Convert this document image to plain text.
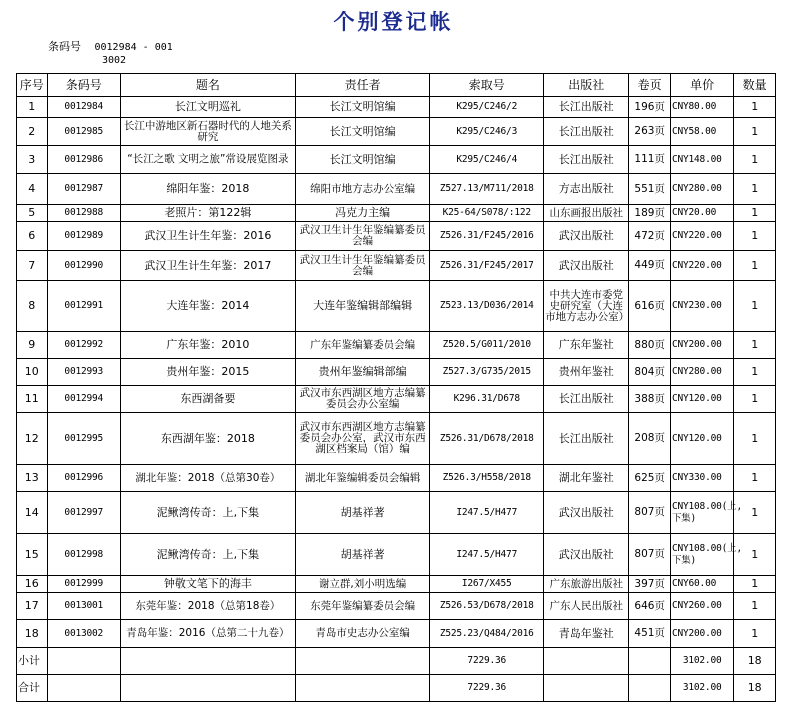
个别登记帐
条码号 0012984 - 001
3002
序号	条码号	题名	责任者	索取号	出版社	卷页	单价	数量
1	0012984	长江文明巡礼	长江文明馆编	K295/C246/2	长江出版社	196页	CNY80.00	1
2	0012985	长江中游地区新石器时代的人地关系研究	长江文明馆编	K295/C246/3	长江出版社	263页	CNY58.00	1
3	0012986	“长江之歌 文明之旅”常设展览图录	长江文明馆编	K295/C246/4	长江出版社	111页	CNY148.00	1
4	0012987	绵阳年鉴：2018	绵阳市地方志办公室编	Z527.13/M711/2018	方志出版社	551页	CNY280.00	1
5	0012988	老照片：第122辑	冯克力主编	K25-64/S078/:122	山东画报出版社	189页	CNY20.00	1
6	0012989	武汉卫生计生年鉴：2016	武汉卫生计生年鉴编纂委员会编	Z526.31/F245/2016	武汉出版社	472页	CNY220.00	1
7	0012990	武汉卫生计生年鉴：2017	武汉卫生计生年鉴编纂委员会编	Z526.31/F245/2017	武汉出版社	449页	CNY220.00	1
8	0012991	大连年鉴：2014	大连年鉴编辑部编辑	Z523.13/D036/2014	中共大连市委党史研究室（大连市地方志办公室）	616页	CNY230.00	1
9	0012992	广东年鉴：2010	广东年鉴编纂委员会编	Z520.5/G011/2010	广东年鉴社	880页	CNY200.00	1
10	0012993	贵州年鉴：2015	贵州年鉴编辑部编	Z527.3/G735/2015	贵州年鉴社	804页	CNY280.00	1
11	0012994	东西湖备要	武汉市东西湖区地方志编纂委员会办公室编	K296.31/D678	长江出版社	388页	CNY120.00	1
12	0012995	东西湖年鉴：2018	武汉市东西湖区地方志编纂委员会办公室，武汉市东西湖区档案局（馆）编	Z526.31/D678/2018	长江出版社	208页	CNY120.00	1
13	0012996	湖北年鉴：2018（总第30卷）	湖北年鉴编辑委员会编辑	Z526.3/H558/2018	湖北年鉴社	625页	CNY330.00	1
14	0012997	泥鳅湾传奇：上,下集	胡基祥著	I247.5/H477	武汉出版社	807页	CNY108.00(上,下集)	1
15	0012998	泥鳅湾传奇：上,下集	胡基祥著	I247.5/H477	武汉出版社	807页	CNY108.00(上,下集)	1
16	0012999	钟敬文笔下的海丰	谢立群,刘小明选编	I267/X455	广东旅游出版社	397页	CNY60.00	1
17	0013001	东莞年鉴：2018（总第18卷）	东莞年鉴编纂委员会编	Z526.53/D678/2018	广东人民出版社	646页	CNY260.00	1
18	0013002	青岛年鉴：2016（总第二十九卷）	青岛市史志办公室编	Z525.23/Q484/2016	青岛年鉴社	451页	CNY200.00	1
小计				7229.36			3102.00	18
合计				7229.36			3102.00	18
